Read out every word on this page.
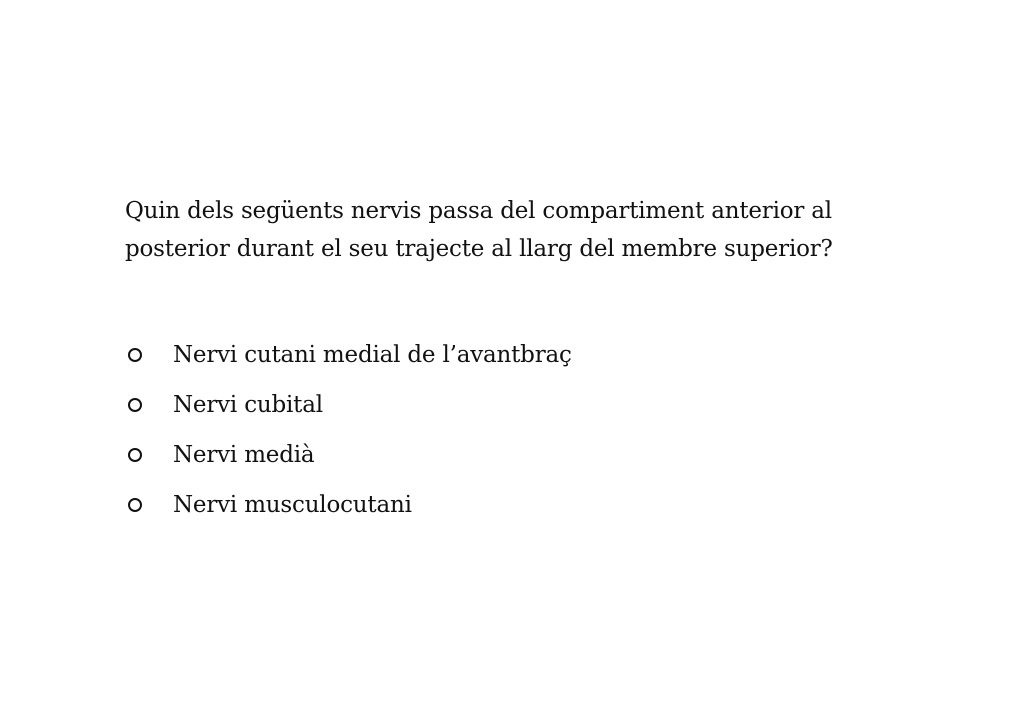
Quin dels següents nervis passa del compartiment anterior al posterior durant el seu trajecte al llarg del membre superior?

Nervi cutani medial de l’avantbraç
Nervi cubital
Nervi medià
Nervi musculocutani
